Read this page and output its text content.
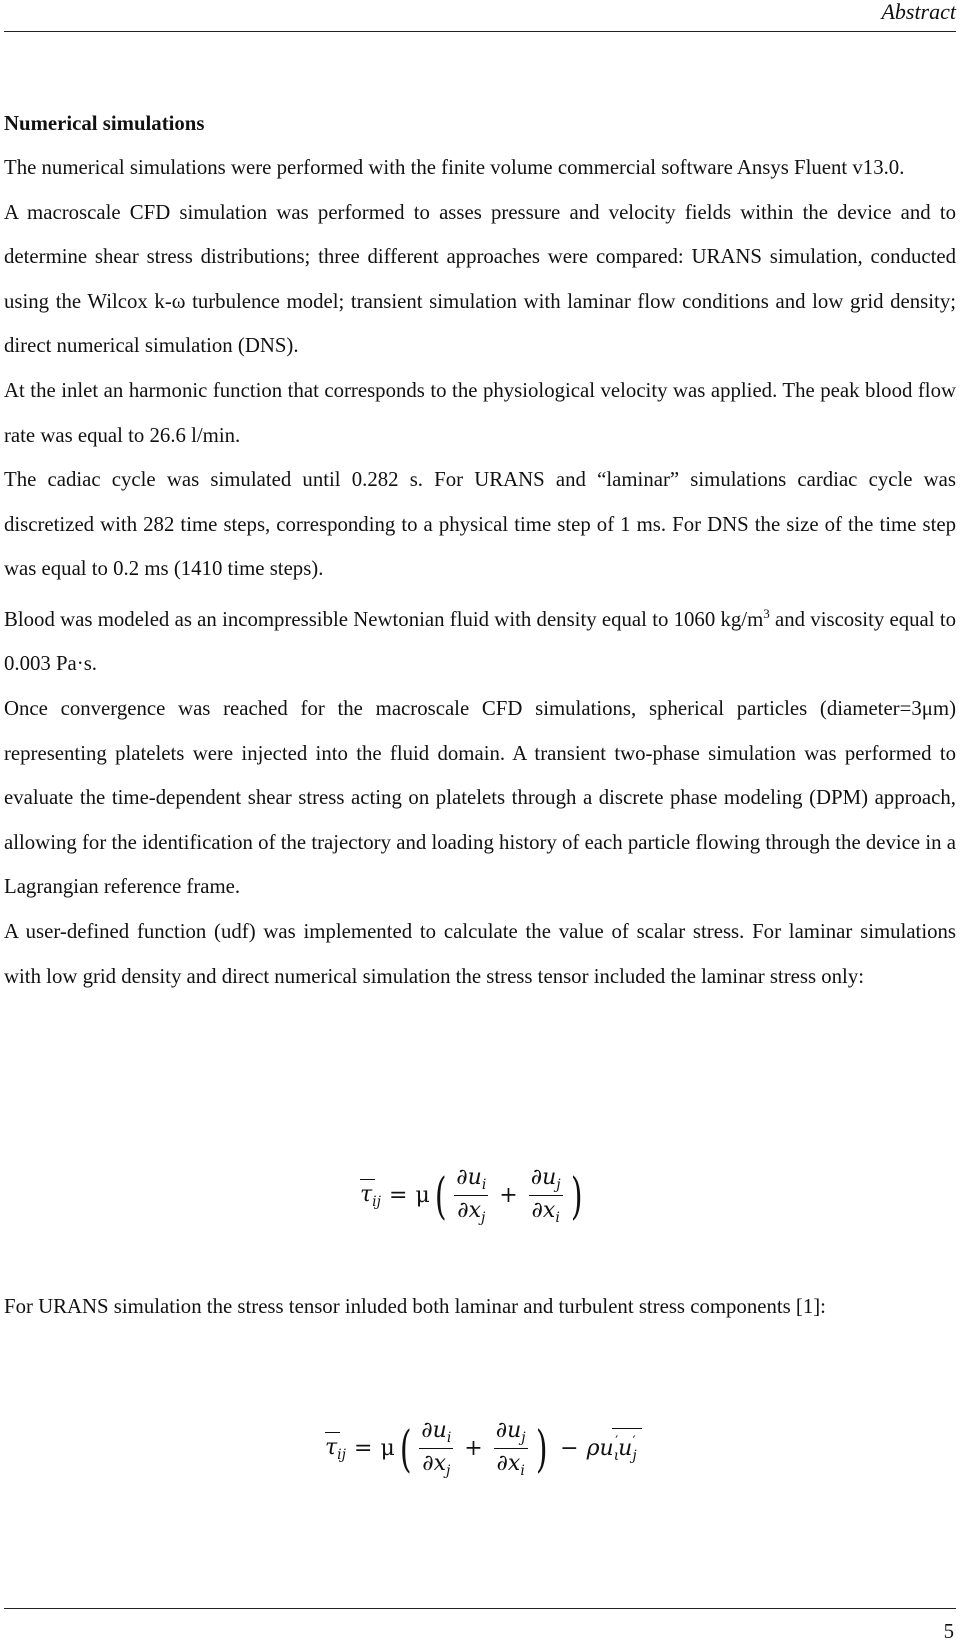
Abstract

Numerical simulations

The numerical simulations were performed with the finite volume commercial software Ansys Fluent v13.0.

A macroscale CFD simulation was performed to asses pressure and velocity fields within the device and to determine shear stress distributions; three different approaches were compared: URANS simulation, conducted using the Wilcox k-ω turbulence model; transient simulation with laminar flow conditions and low grid density; direct numerical simulation (DNS).

At the inlet an harmonic function that corresponds to the physiological velocity was applied. The peak blood flow rate was equal to 26.6 l/min.

The cadiac cycle was simulated until 0.282 s. For URANS and “laminar” simulations cardiac cycle was discretized with 282 time steps, corresponding to a physical time step of 1 ms. For DNS the size of the time step was equal to 0.2 ms (1410 time steps).

Blood was modeled as an incompressible Newtonian fluid with density equal to 1060 $kg/m^3$ and viscosity equal to 0.003 Pa·s.

Once convergence was reached for the macroscale CFD simulations, spherical particles (diameter=3μm) representing platelets were injected into the fluid domain. A transient two-phase simulation was performed to evaluate the time-dependent shear stress acting on platelets through a discrete phase modeling (DPM) approach, allowing for the identification of the trajectory and loading history of each particle flowing through the device in a Lagrangian reference frame.

A user-defined function (udf) was implemented to calculate the value of scalar stress. For laminar simulations with low grid density and direct numerical simulation the stress tensor included the laminar stress only:

$\tau_{ij} = \mu$ ( $\frac{\partial u_i}{\partial x_j} + \frac{\partial u_j}{\partial x_i}$ )

For URANS simulation the stress tensor inluded both laminar and turbulent stress components [1]:

$\tau_{ij} = \mu$ ( $\frac{\partial u_i}{\partial x_j} + \frac{\partial u_j}{\partial x_i}$ ) − ρ $u_\iota'u_j'$
5
